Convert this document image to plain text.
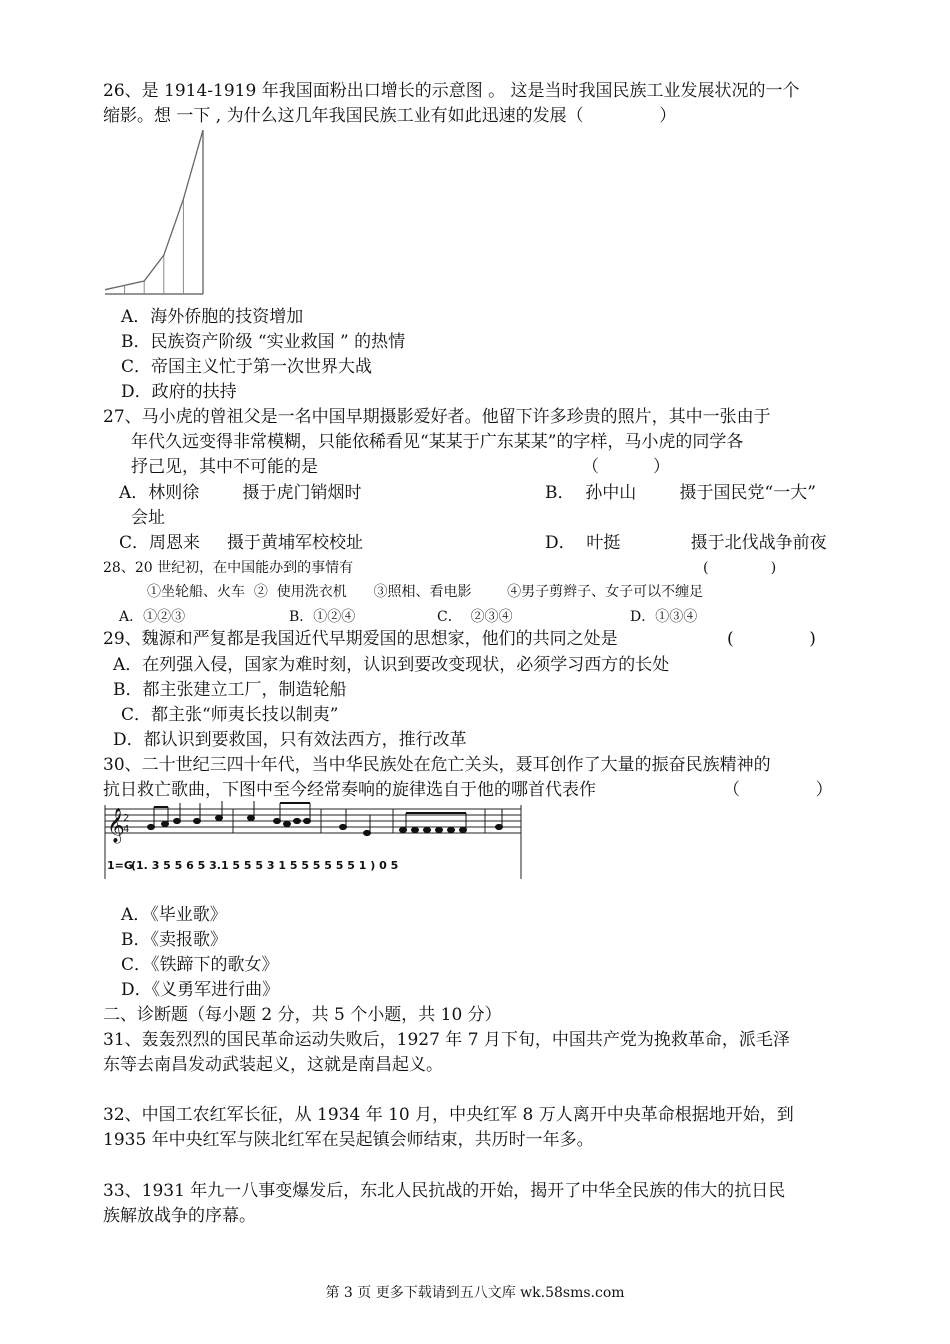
26、是 1914-1919 年我国面粉出口增长的示意图 。 这是当时我国民族工业发展状况的一个
缩影。想 一下 , 为什么这几年我国民族工业有如此迅速的发展（              ）
A．海外侨胞的技资增加
B．民族资产阶级 “实业救国 ” 的热情
C．帝国主义忙于第一次世界大战
D．政府的扶持
27、马小虎的曾祖父是一名中国早期摄影爱好者。他留下许多珍贵的照片，其中一张由于
年代久远变得非常模糊，只能依稀看见“某某于广东某某”的字样，马小虎的同学各
抒己见，其中不可能的是	（          ）
A．林则徐        摄于虎门销烟时	B．  孙中山        摄于国民党“一大”
会址
C．周恩来     摄于黄埔军校校址	D．  叶挺             摄于北伐战争前夜
28、20 世纪初，在中国能办到的事情有	(              )
①坐轮船、火车  ②  使用洗衣机      ③照相、看电影        ④男子剪辫子、女子可以不缠足
A．①②③	B．①②④	C．  ②③④	D．①③④
29、魏源和严复都是我国近代早期爱国的思想家，他们的共同之处是	(              )
A．在列强入侵，国家为难时刻，认识到要改变现状，必须学习西方的长处
B．都主张建立工厂，制造轮船
C．都主张“师夷长技以制夷”
D．都认识到要救国，只有效法西方，推行改革
30、二十世纪三四十年代，当中华民族处在危亡关头，聂耳创作了大量的振奋民族精神的
抗日救亡歌曲，下图中至今经常奏响的旋律选自于他的哪首代表作	（              ）
𝄞
2
4
1=G
(1. 3 5 5 6 5 3.1 5 5 5 3 1 5 5 5 5 5 5 1 ) 0 5
A．《毕业歌》
B．《卖报歌》
C．《铁蹄下的歌女》
D．《义勇军进行曲》
二、诊断题（每小题 2 分，共 5 个小题，共 10 分）
31、轰轰烈烈的国民革命运动失败后，1927 年 7 月下旬，中国共产党为挽救革命，派毛泽
东等去南昌发动武装起义，这就是南昌起义。
32、中国工农红军长征，从 1934 年 10 月，中央红军 8 万人离开中央革命根据地开始，到
1935 年中央红军与陕北红军在吴起镇会师结束，共历时一年多。
33、1931 年九一八事变爆发后，东北人民抗战的开始，揭开了中华全民族的伟大的抗日民
族解放战争的序幕。
第 3 页 更多下载请到五八文库 wk.58sms.com
